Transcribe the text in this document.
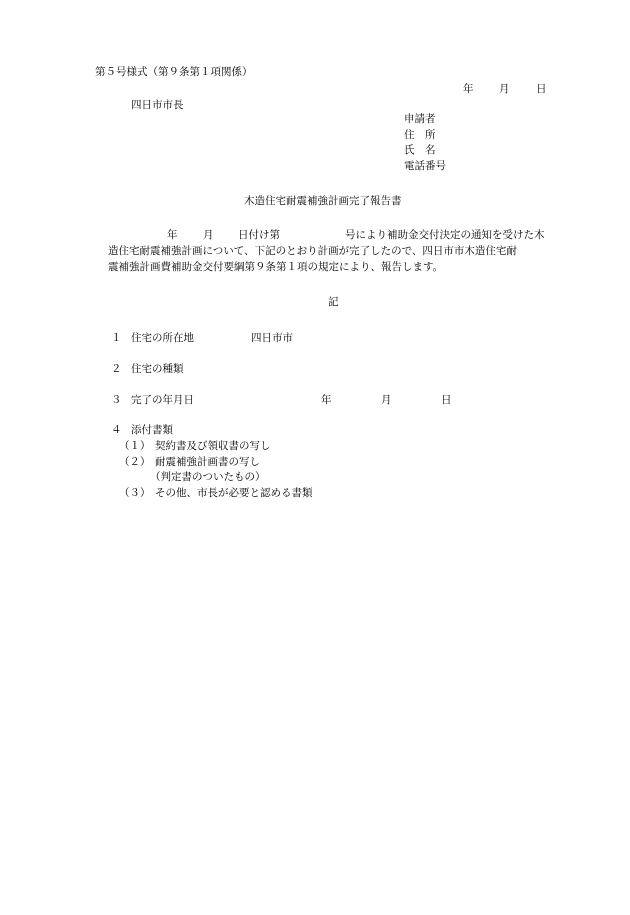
第５号様式（第９条第１項関係）
年 月	日
四日市市長
申請者
住　所
氏　名
電話番号
木造住宅耐震補強計画完了報告書
年 月 日付け第	号により補助金交付決定の通知を受けた木
造住宅耐震補強計画について、下記のとおり計画が完了したので、四日市市木造住宅耐
震補強計画費補助金交付要綱第９条第１項の規定により、報告します。
記
１ 住宅の所在地	四日市市
２ 住宅の種類
３ 完了の年月日	年	月	日
４ 添付書類
（１） 契約書及び領収書の写し
（２） 耐震補強計画書の写し
（判定書のついたもの）
（３） その他、市長が必要と認める書類
